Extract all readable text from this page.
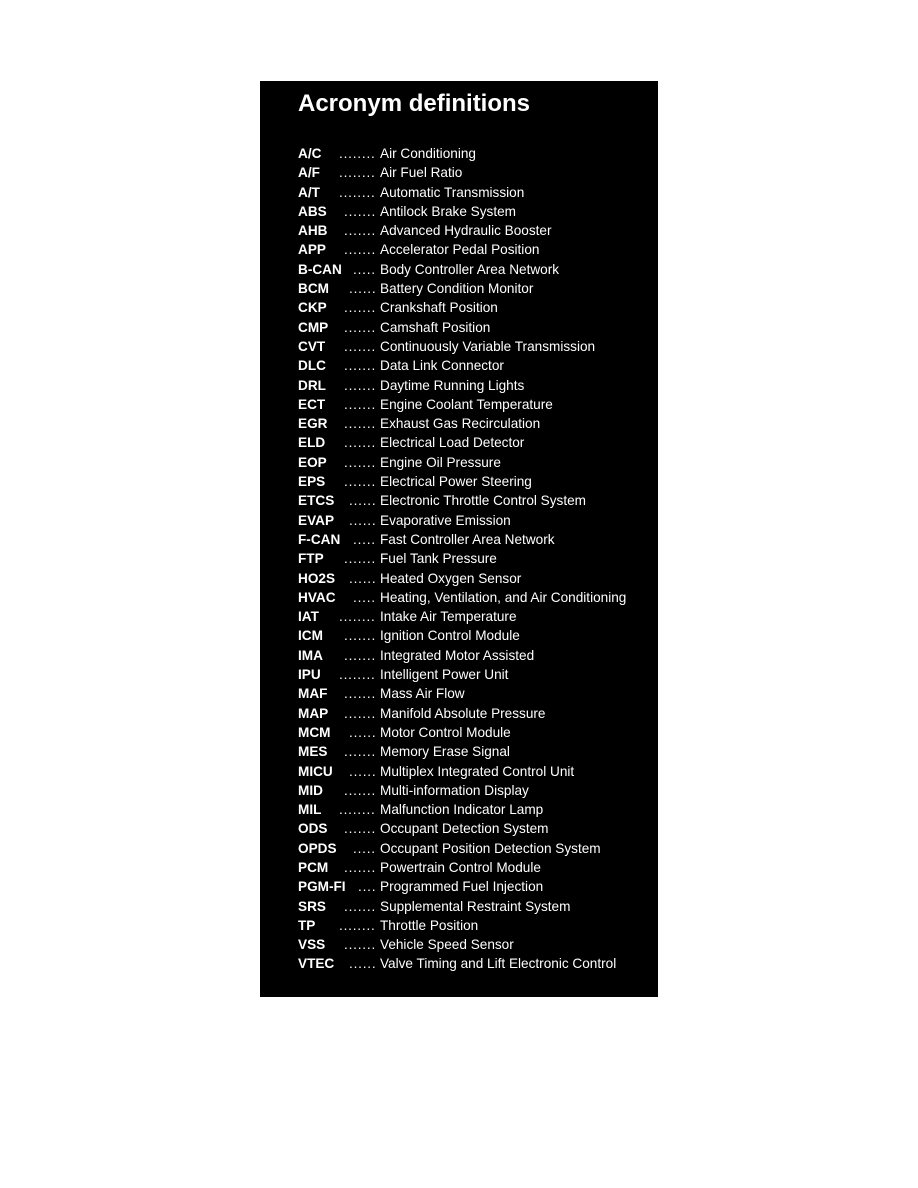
Acronym definitions
A/C ........ Air Conditioning
A/F ........ Air Fuel Ratio
A/T ........ Automatic Transmission
ABS ....... Antilock Brake System
AHB ....... Advanced Hydraulic Booster
APP ....... Accelerator Pedal Position
B-CAN ..... Body Controller Area Network
BCM ...... Battery Condition Monitor
CKP ....... Crankshaft Position
CMP ....... Camshaft Position
CVT ....... Continuously Variable Transmission
DLC ....... Data Link Connector
DRL ....... Daytime Running Lights
ECT ....... Engine Coolant Temperature
EGR ....... Exhaust Gas Recirculation
ELD ....... Electrical Load Detector
EOP ....... Engine Oil Pressure
EPS ....... Electrical Power Steering
ETCS ...... Electronic Throttle Control System
EVAP ...... Evaporative Emission
F-CAN ..... Fast Controller Area Network
FTP ....... Fuel Tank Pressure
HO2S ...... Heated Oxygen Sensor
HVAC ..... Heating, Ventilation, and Air Conditioning
IAT ........ Intake Air Temperature
ICM ....... Ignition Control Module
IMA ....... Integrated Motor Assisted
IPU ........ Intelligent Power Unit
MAF ....... Mass Air Flow
MAP ....... Manifold Absolute Pressure
MCM ...... Motor Control Module
MES ....... Memory Erase Signal
MICU ...... Multiplex Integrated Control Unit
MID ....... Multi-information Display
MIL ........ Malfunction Indicator Lamp
ODS ....... Occupant Detection System
OPDS ..... Occupant Position Detection System
PCM ....... Powertrain Control Module
PGM-FI .... Programmed Fuel Injection
SRS ....... Supplemental Restraint System
TP ........ Throttle Position
VSS ....... Vehicle Speed Sensor
VTEC ...... Valve Timing and Lift Electronic Control
